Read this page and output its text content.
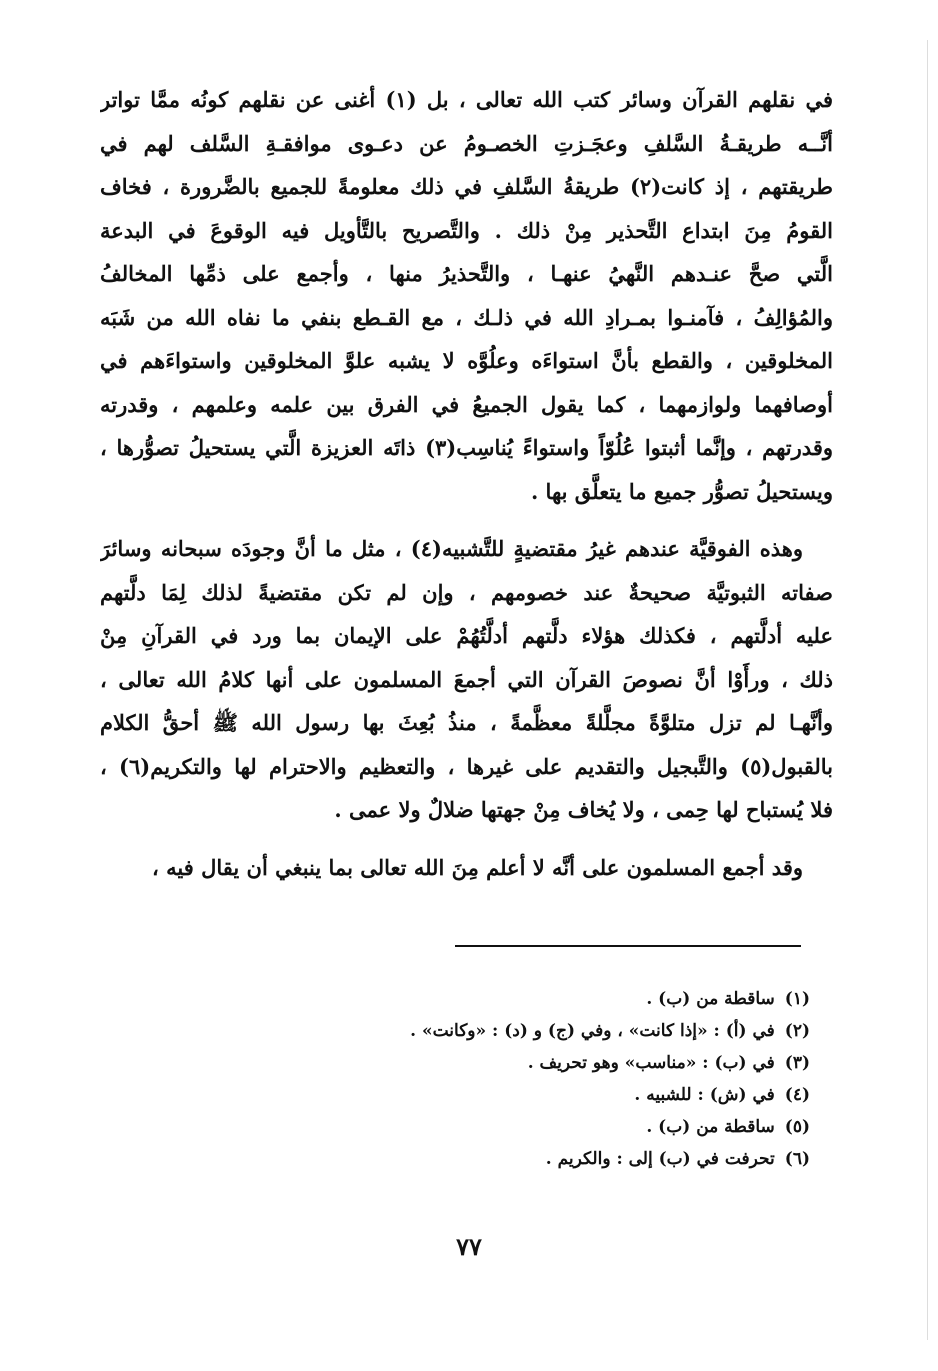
في نقلهم القرآن وسائر كتب الله تعالى ، بل (١) أغنى عن نقلهم كونُه ممَّا تواتر
أنَّــه طريقـةُ السَّلفِ وعجَـزتِ الخصـومُ عن دعـوى موافقـةِ السَّلف لهم في
طريقتهم ، إذ كانت(٢) طريقةُ السَّلفِ في ذلك معلومةً للجميع بالضَّرورة ، فخاف
القومُ مِنَ ابتداع التَّحذير مِنْ ذلك . والتَّصريح بالتَّأويل فيه الوقوعَ في البدعة
الَّتي صحَّ عنـدهم النَّهيُ عنهـا ، والتَّحذيرُ منها ، وأجمع على ذمِّها المخالفُ
والمُؤالِفُ ، فآمنـوا بمـرادِ الله في ذلـك ، مع القـطع بنفي ما نفاه الله من شَبَه
المخلوقين ، والقطع بأنَّ استواءَه وعلُوَّه لا يشبه علوَّ المخلوقين واستواءَهم في
أوصافهما ولوازمهما ، كما يقول الجميعُ في الفرق بين علمه وعلمهم ، وقدرته
وقدرتهم ، وإنَّما أثبتوا عُلُوّاً واستواءً يُناسِب(٣) ذاتَه العزيزة الَّتي يستحيلُ تصوُّرها ،
ويستحيلُ تصوُّر جميع ما يتعلَّق بها .

وهذه الفوقيَّة عندهم غيرُ مقتضيةٍ للتَّشبيه(٤) ، مثل ما أنَّ وجودَه سبحانه وسائرَ
صفاته الثبوتيَّة صحيحةٌ عند خصومهم ، وإن لم تكن مقتضيةً لذلك لِمَا دلَّتهم
عليه أدلَّتهم ، فكذلك هؤلاء دلَّتهم أدلَّتُهُمْ على الإيمان بما ورد في القرآنِ مِنْ
ذلك ، ورأَوْا أنَّ نصوصَ القرآن التي أجمعَ المسلمون على أنها كلامُ الله تعالى ،
وأنَّهـا لم تزل متلوَّةً مجلَّلةً معظَّمةً ، منذُ بُعِثَ بها رسول الله ﷺ أحقُّ الكلام
بالقبول(٥) والتَّبجيل والتقديم على غيرها ، والتعظيم والاحترام لها والتكريم(٦) ،
فلا يُستباح لها حِمى ، ولا يُخاف مِنْ جهتها ضلالٌ ولا عمى .

وقد أجمع المسلمون على أنَّه لا أعلم مِنَ الله تعالى بما ينبغي أن يقال فيه ،

(١)ساقطة من (ب) .
(٢)في (أ) : «إذا كانت» ، وفي (ج) و (د) : «وكانت» .
(٣)في (ب) : «مناسب» وهو تحريف .
(٤)في (ش) : للشبيه .
(٥)ساقطة من (ب) .
(٦)تحرفت في (ب) إلى : والكريم .
٧٧
